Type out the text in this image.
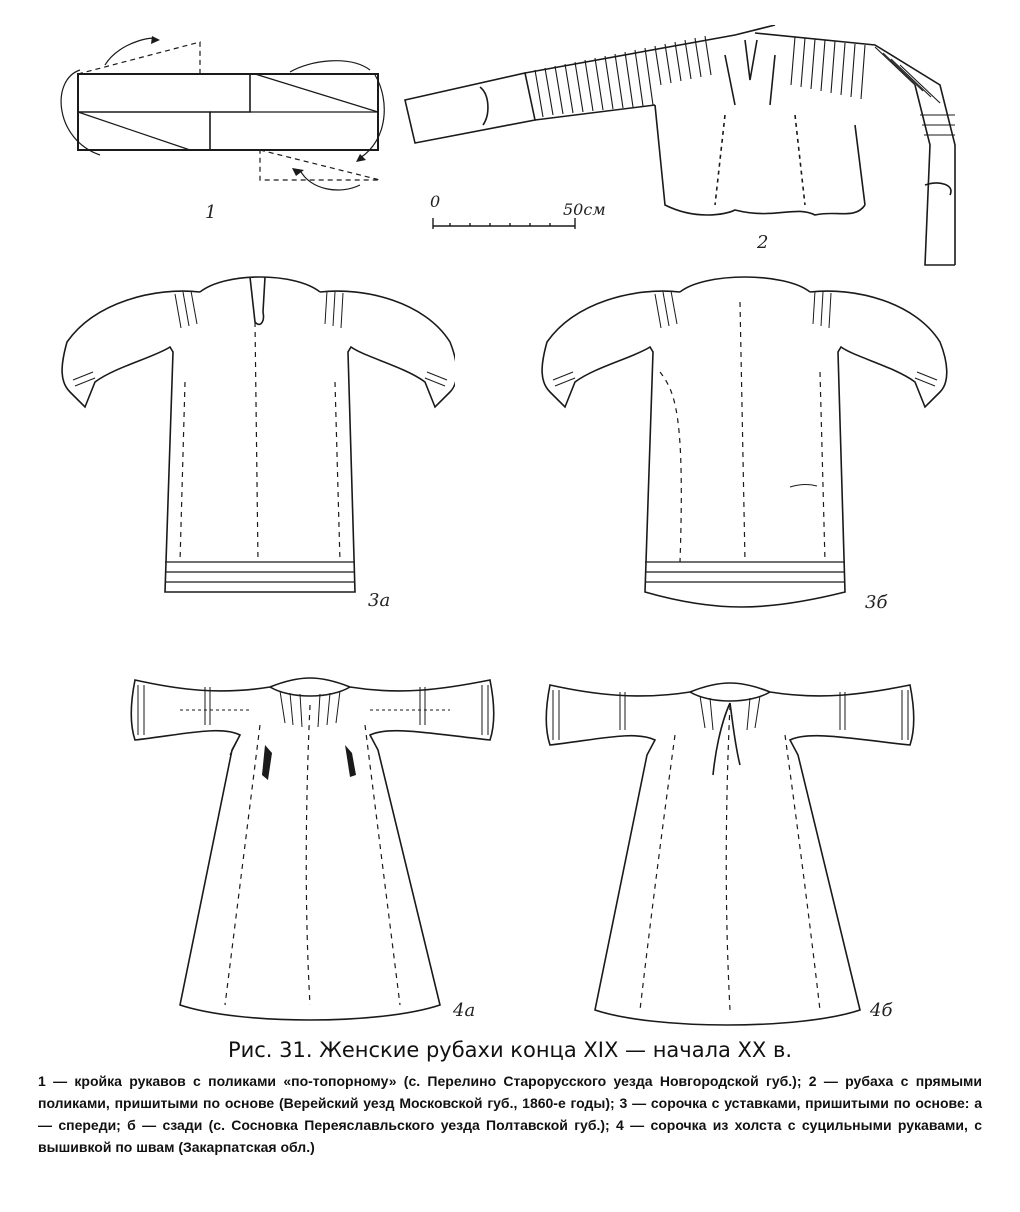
1
2
0	50см
3а	3б
4а	4б
Рис. 31. Женские рубахи конца XIX — начала XX в.

1 — кройка рукавов с поликами «по-топорному» (с. Перелино Старорусского уезда Новгородской губ.); 2 — рубаха с прямыми поликами, пришитыми по основе (Верейский уезд Московской губ., 1860-е годы); 3 — сорочка с уставками, пришитыми по основе: а — спереди; б — сзади (с. Сосновка Переяславльского уезда Полтавской губ.); 4 — сорочка из холста с суцильными рукавами, с вышивкой по швам (Закарпатская обл.)
